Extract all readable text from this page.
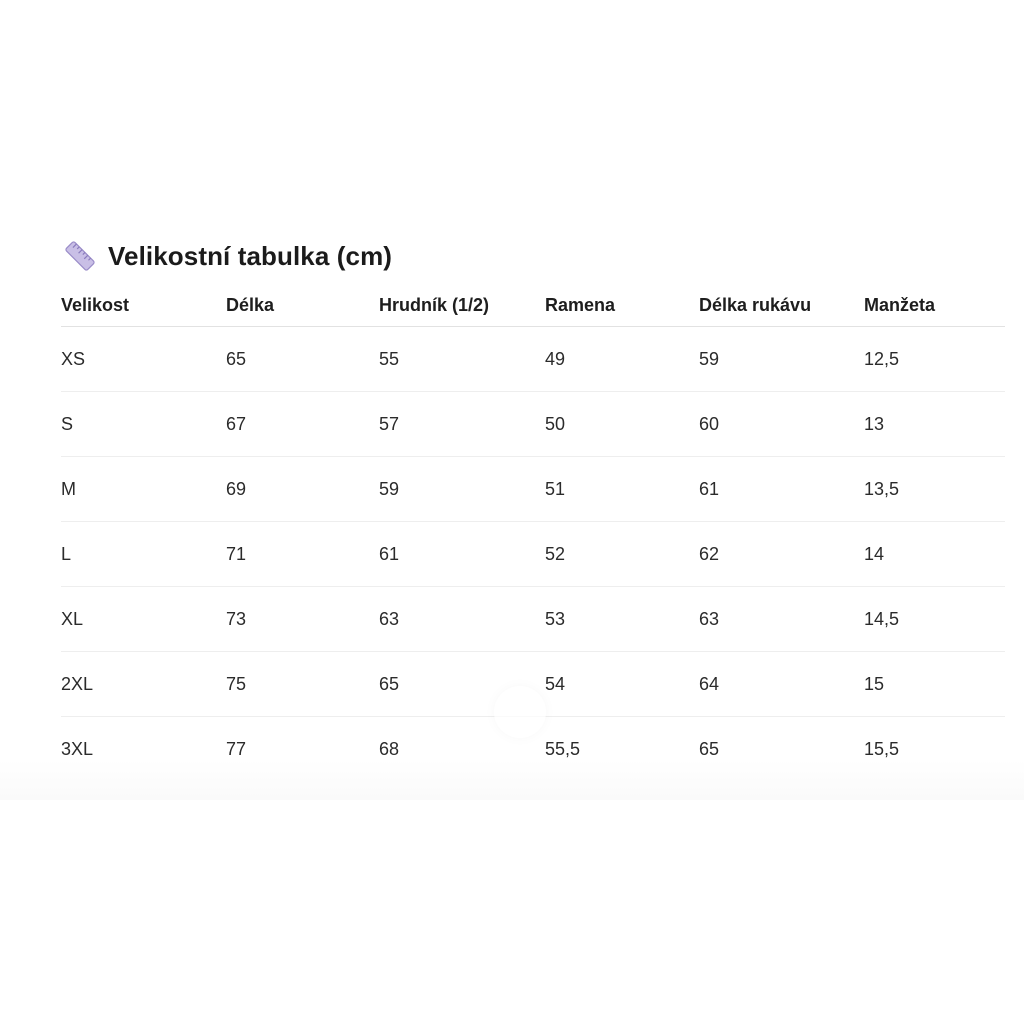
Velikostní tabulka (cm)
Velikost	Délka	Hrudník (1/2)	Ramena	Délka rukávu	Manžeta
XS	65	55	49	59	12,5
S	67	57	50	60	13
M	69	59	51	61	13,5
L	71	61	52	62	14
XL	73	63	53	63	14,5
2XL	75	65	54	64	15
3XL	77	68	55,5	65	15,5
